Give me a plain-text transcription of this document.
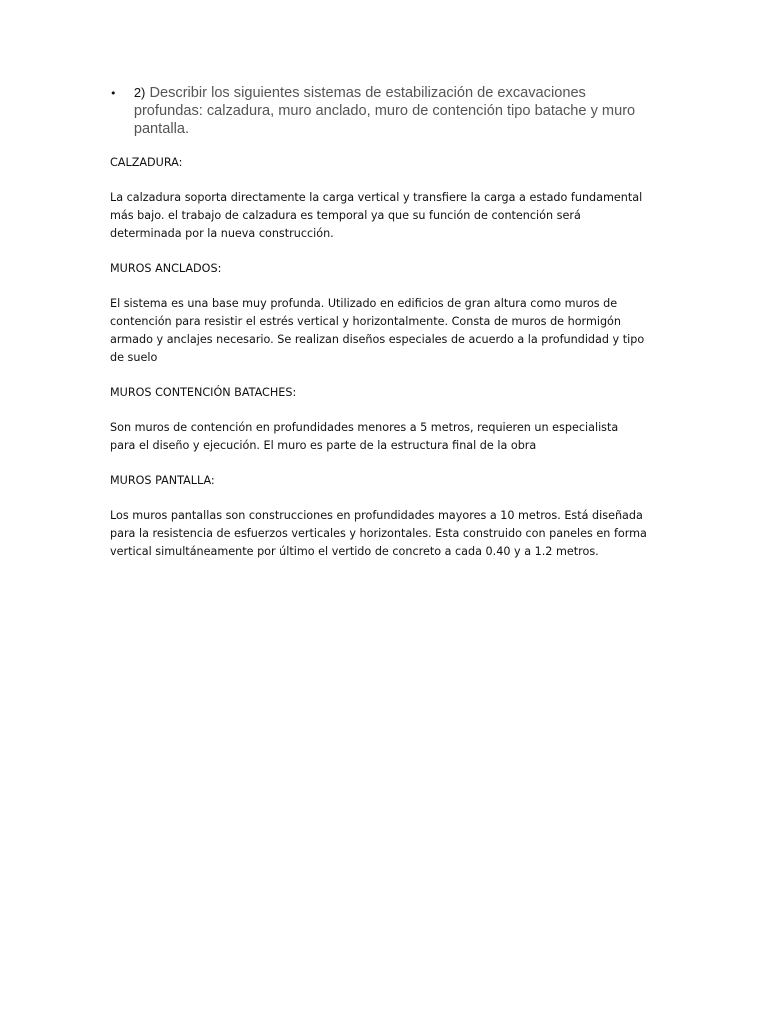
•	2) Describir los siguientes sistemas de estabilización de excavaciones profundas: calzadura, muro anclado, muro de contención tipo batache y muro pantalla.
CALZADURA:
La calzadura soporta directamente la carga vertical y transfiere la carga a estado fundamental
más bajo. el trabajo de calzadura es temporal ya que su función de contención será
determinada por la nueva construcción.
MUROS ANCLADOS:
El sistema es una base muy profunda. Utilizado en edificios de gran altura como muros de
contención para resistir el estrés vertical y horizontalmente. Consta de muros de hormigón
armado y anclajes necesario. Se realizan diseños especiales de acuerdo a la profundidad y tipo
de suelo
MUROS CONTENCIÓN BATACHES:
Son muros de contención en profundidades menores a 5 metros, requieren un especialista
para el diseño y ejecución. El muro es parte de la estructura final de la obra
MUROS PANTALLA:
Los muros pantallas son construcciones en profundidades mayores a 10 metros. Está diseñada
para la resistencia de esfuerzos verticales y horizontales. Esta construido con paneles en forma
vertical simultáneamente por último el vertido de concreto a cada 0.40 y a 1.2 metros.
